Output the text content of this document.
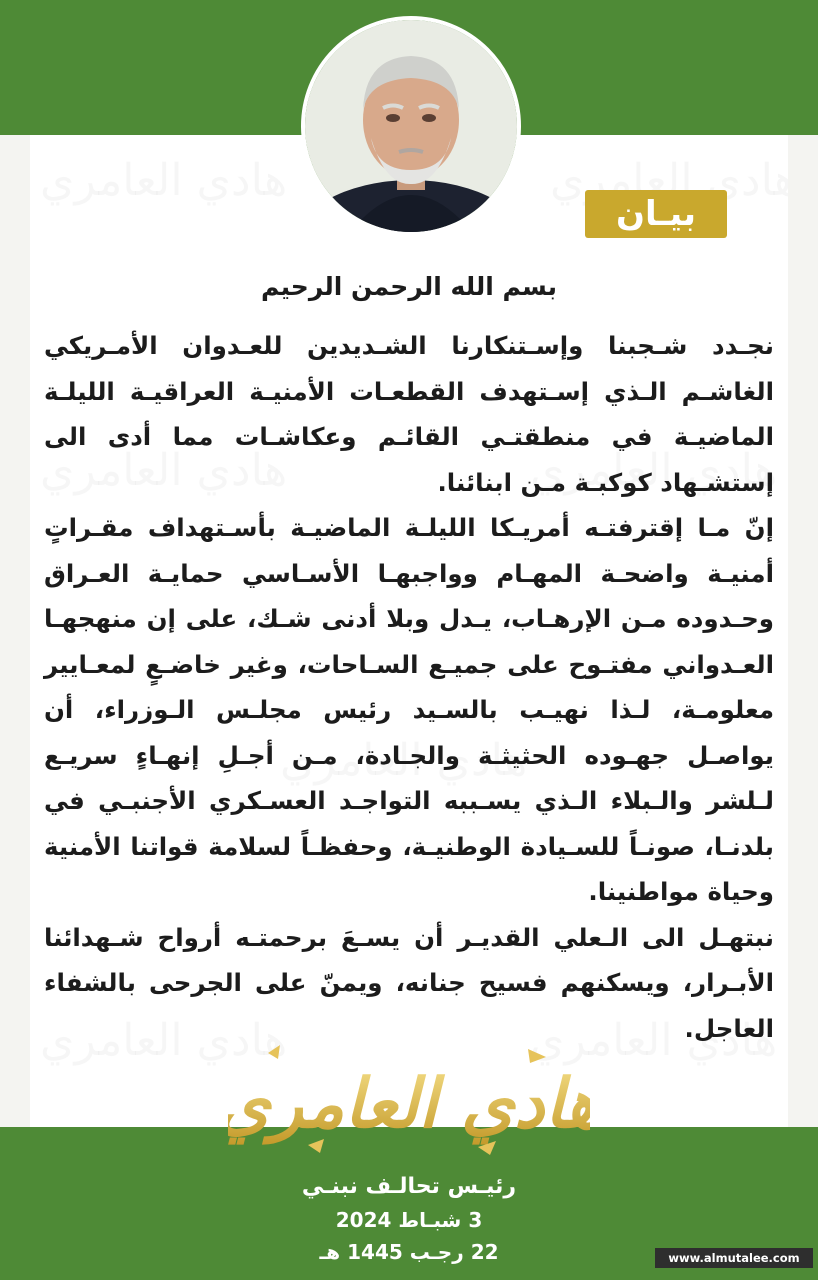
بيـان
بسم الله الرحمن الرحيم

نجـدد شـجبنا وإسـتنكارنا الشـديدين للعـدوان الأمـريكي الغاشـم الـذي إسـتهدف القطعـات الأمنيـة العراقيـة الليلـة الماضيـة في منطقتـي القائـم وعكاشـات مما أدى الى إستشـهاد كوكبـة مـن ابنائنا.

إنّ مـا إقترفتـه أمريـكا الليلـة الماضيـة بأسـتهداف مقـراتٍ أمنيـة واضحـة المهـام وواجبهـا الأسـاسي حمايـة العـراق وحـدوده مـن الإرهـاب، يـدل وبلا أدنى شـك، على إن منهجهـا العـدواني مفتـوح على جميـع السـاحات، وغير خاضـعٍ لمعـايير معلومـة، لـذا نهيـب بالسـيد رئيس مجلـس الـوزراء، أن يواصـل جهـوده الحثيثـة والجـادة، مـن أجـلِ إنهـاءٍ سريـع لـلشر والـبلاء الـذي يسـببه التواجـد العسـكري الأجنبـي في بلدنـا، صونـاً للسـيادة الوطنيـة، وحفظـاً لسلامة قواتنا الأمنية وحياة مواطنينا.

نبتهـل الى الـعلي القديـر أن يسـعَ برحمتـه أرواح شـهدائنا الأبـرار، ويسكنهم فسيح جنانه، ويمنّ على الجرحى بالشفاء العاجل.

هادي العامري
رئيـس تحالـف نبنـي
3 شبـاط 2024
22 رجـب 1445 هـ	www.almutalee.com
